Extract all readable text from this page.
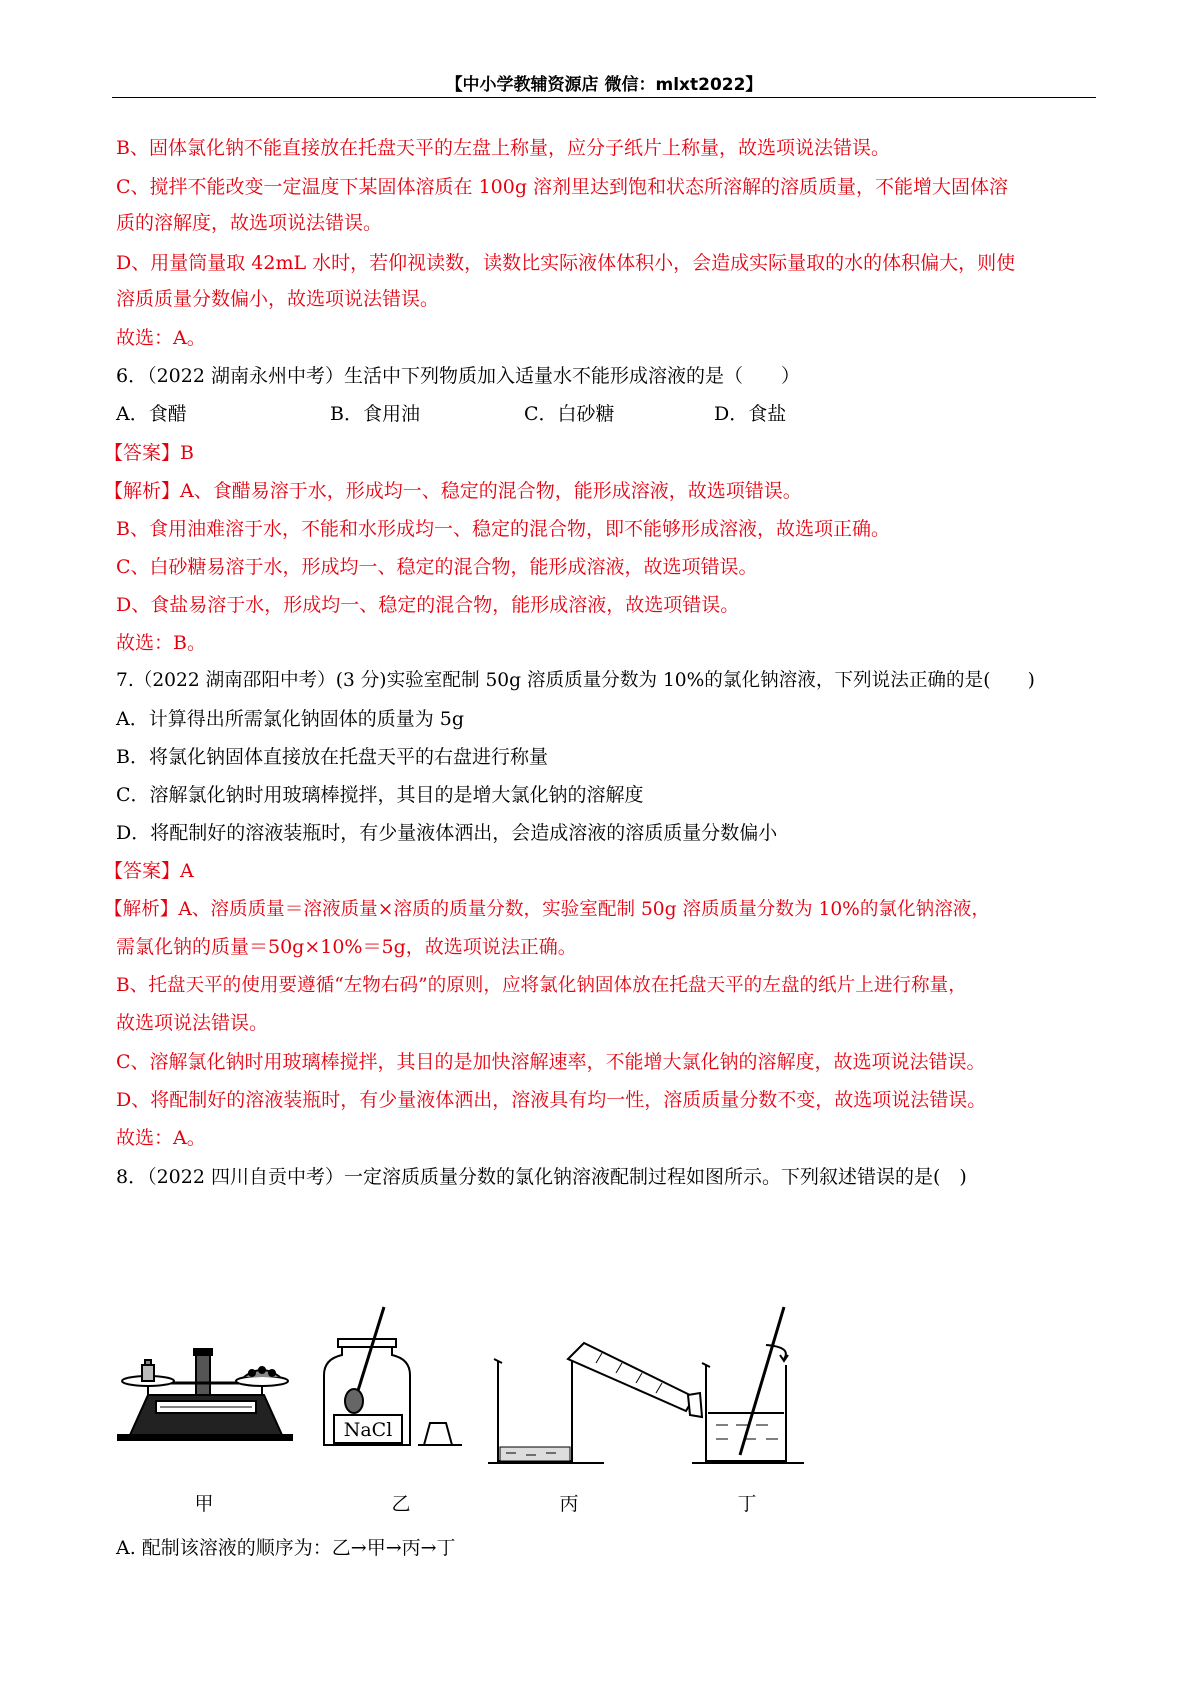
【中小学教辅资源店 微信：mlxt2022】
B、固体氯化钠不能直接放在托盘天平的左盘上称量，应分子纸片上称量，故选项说法错误。
C、搅拌不能改变一定温度下某固体溶质在 100g 溶剂里达到饱和状态所溶解的溶质质量，不能增大固体溶
质的溶解度，故选项说法错误。
D、用量筒量取 42mL 水时，若仰视读数，读数比实际液体体积小，会造成实际量取的水的体积偏大，则使
溶质质量分数偏小，故选项说法错误。
故选：A。
6．（2022 湖南永州中考）生活中下列物质加入适量水不能形成溶液的是（　　）
A．食醋	B．食用油	C．白砂糖	D．食盐
【答案】B
【解析】A、食醋易溶于水，形成均一、稳定的混合物，能形成溶液，故选项错误。
B、食用油难溶于水，不能和水形成均一、稳定的混合物，即不能够形成溶液，故选项正确。
C、白砂糖易溶于水，形成均一、稳定的混合物，能形成溶液，故选项错误。
D、食盐易溶于水，形成均一、稳定的混合物，能形成溶液，故选项错误。
故选：B。
7.（2022 湖南邵阳中考）(3 分)实验室配制 50g 溶质质量分数为 10%的氯化钠溶液，下列说法正确的是(　　)
A．计算得出所需氯化钠固体的质量为 5g
B．将氯化钠固体直接放在托盘天平的右盘进行称量
C．溶解氯化钠时用玻璃棒搅拌，其目的是增大氯化钠的溶解度
D．将配制好的溶液装瓶时，有少量液体洒出，会造成溶液的溶质质量分数偏小
【答案】A
【解析】A、溶质质量＝溶液质量×溶质的质量分数，实验室配制 50g 溶质质量分数为 10%的氯化钠溶液，
需氯化钠的质量＝50g×10%＝5g，故选项说法正确。
B、托盘天平的使用要遵循“左物右码”的原则，应将氯化钠固体放在托盘天平的左盘的纸片上进行称量，
故选项说法错误。
C、溶解氯化钠时用玻璃棒搅拌，其目的是加快溶解速率，不能增大氯化钠的溶解度，故选项说法错误。
D、将配制好的溶液装瓶时，有少量液体洒出，溶液具有均一性，溶质质量分数不变，故选项说法错误。
故选：A。
8．（2022 四川自贡中考）一定溶质质量分数的氯化钠溶液配制过程如图所示。下列叙述错误的是(　)
NaCl
甲	乙	丙	丁
A. 配制该溶液的顺序为：乙→甲→丙→丁
